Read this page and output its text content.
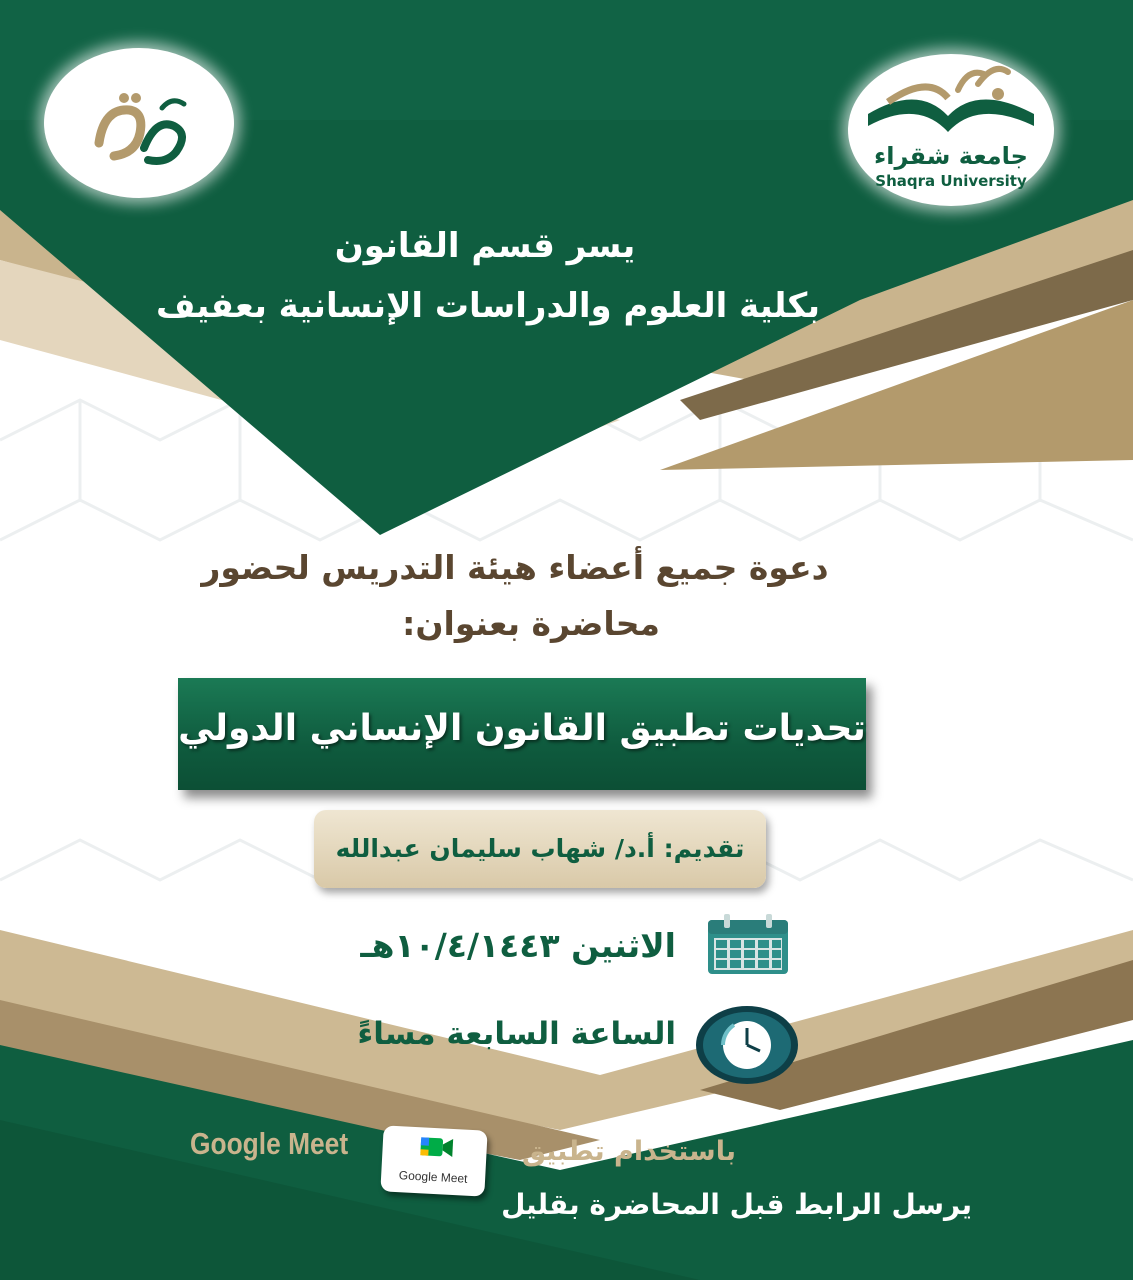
جامعة شقراء
Shaqra University
يسر قسم القانون
بكلية العلوم والدراسات الإنسانية بعفيف
دعوة جميع أعضاء هيئة التدريس لحضور
محاضرة بعنوان:
تحديات تطبيق القانون الإنساني الدولي
تقديم: أ.د/ شهاب سليمان عبدالله
الاثنين ١٠/٤/١٤٤٣هـ
الساعة السابعة مساءً
باستخدام تطبيق
Google Meet
Google Meet
يرسل الرابط قبل المحاضرة بقليل
